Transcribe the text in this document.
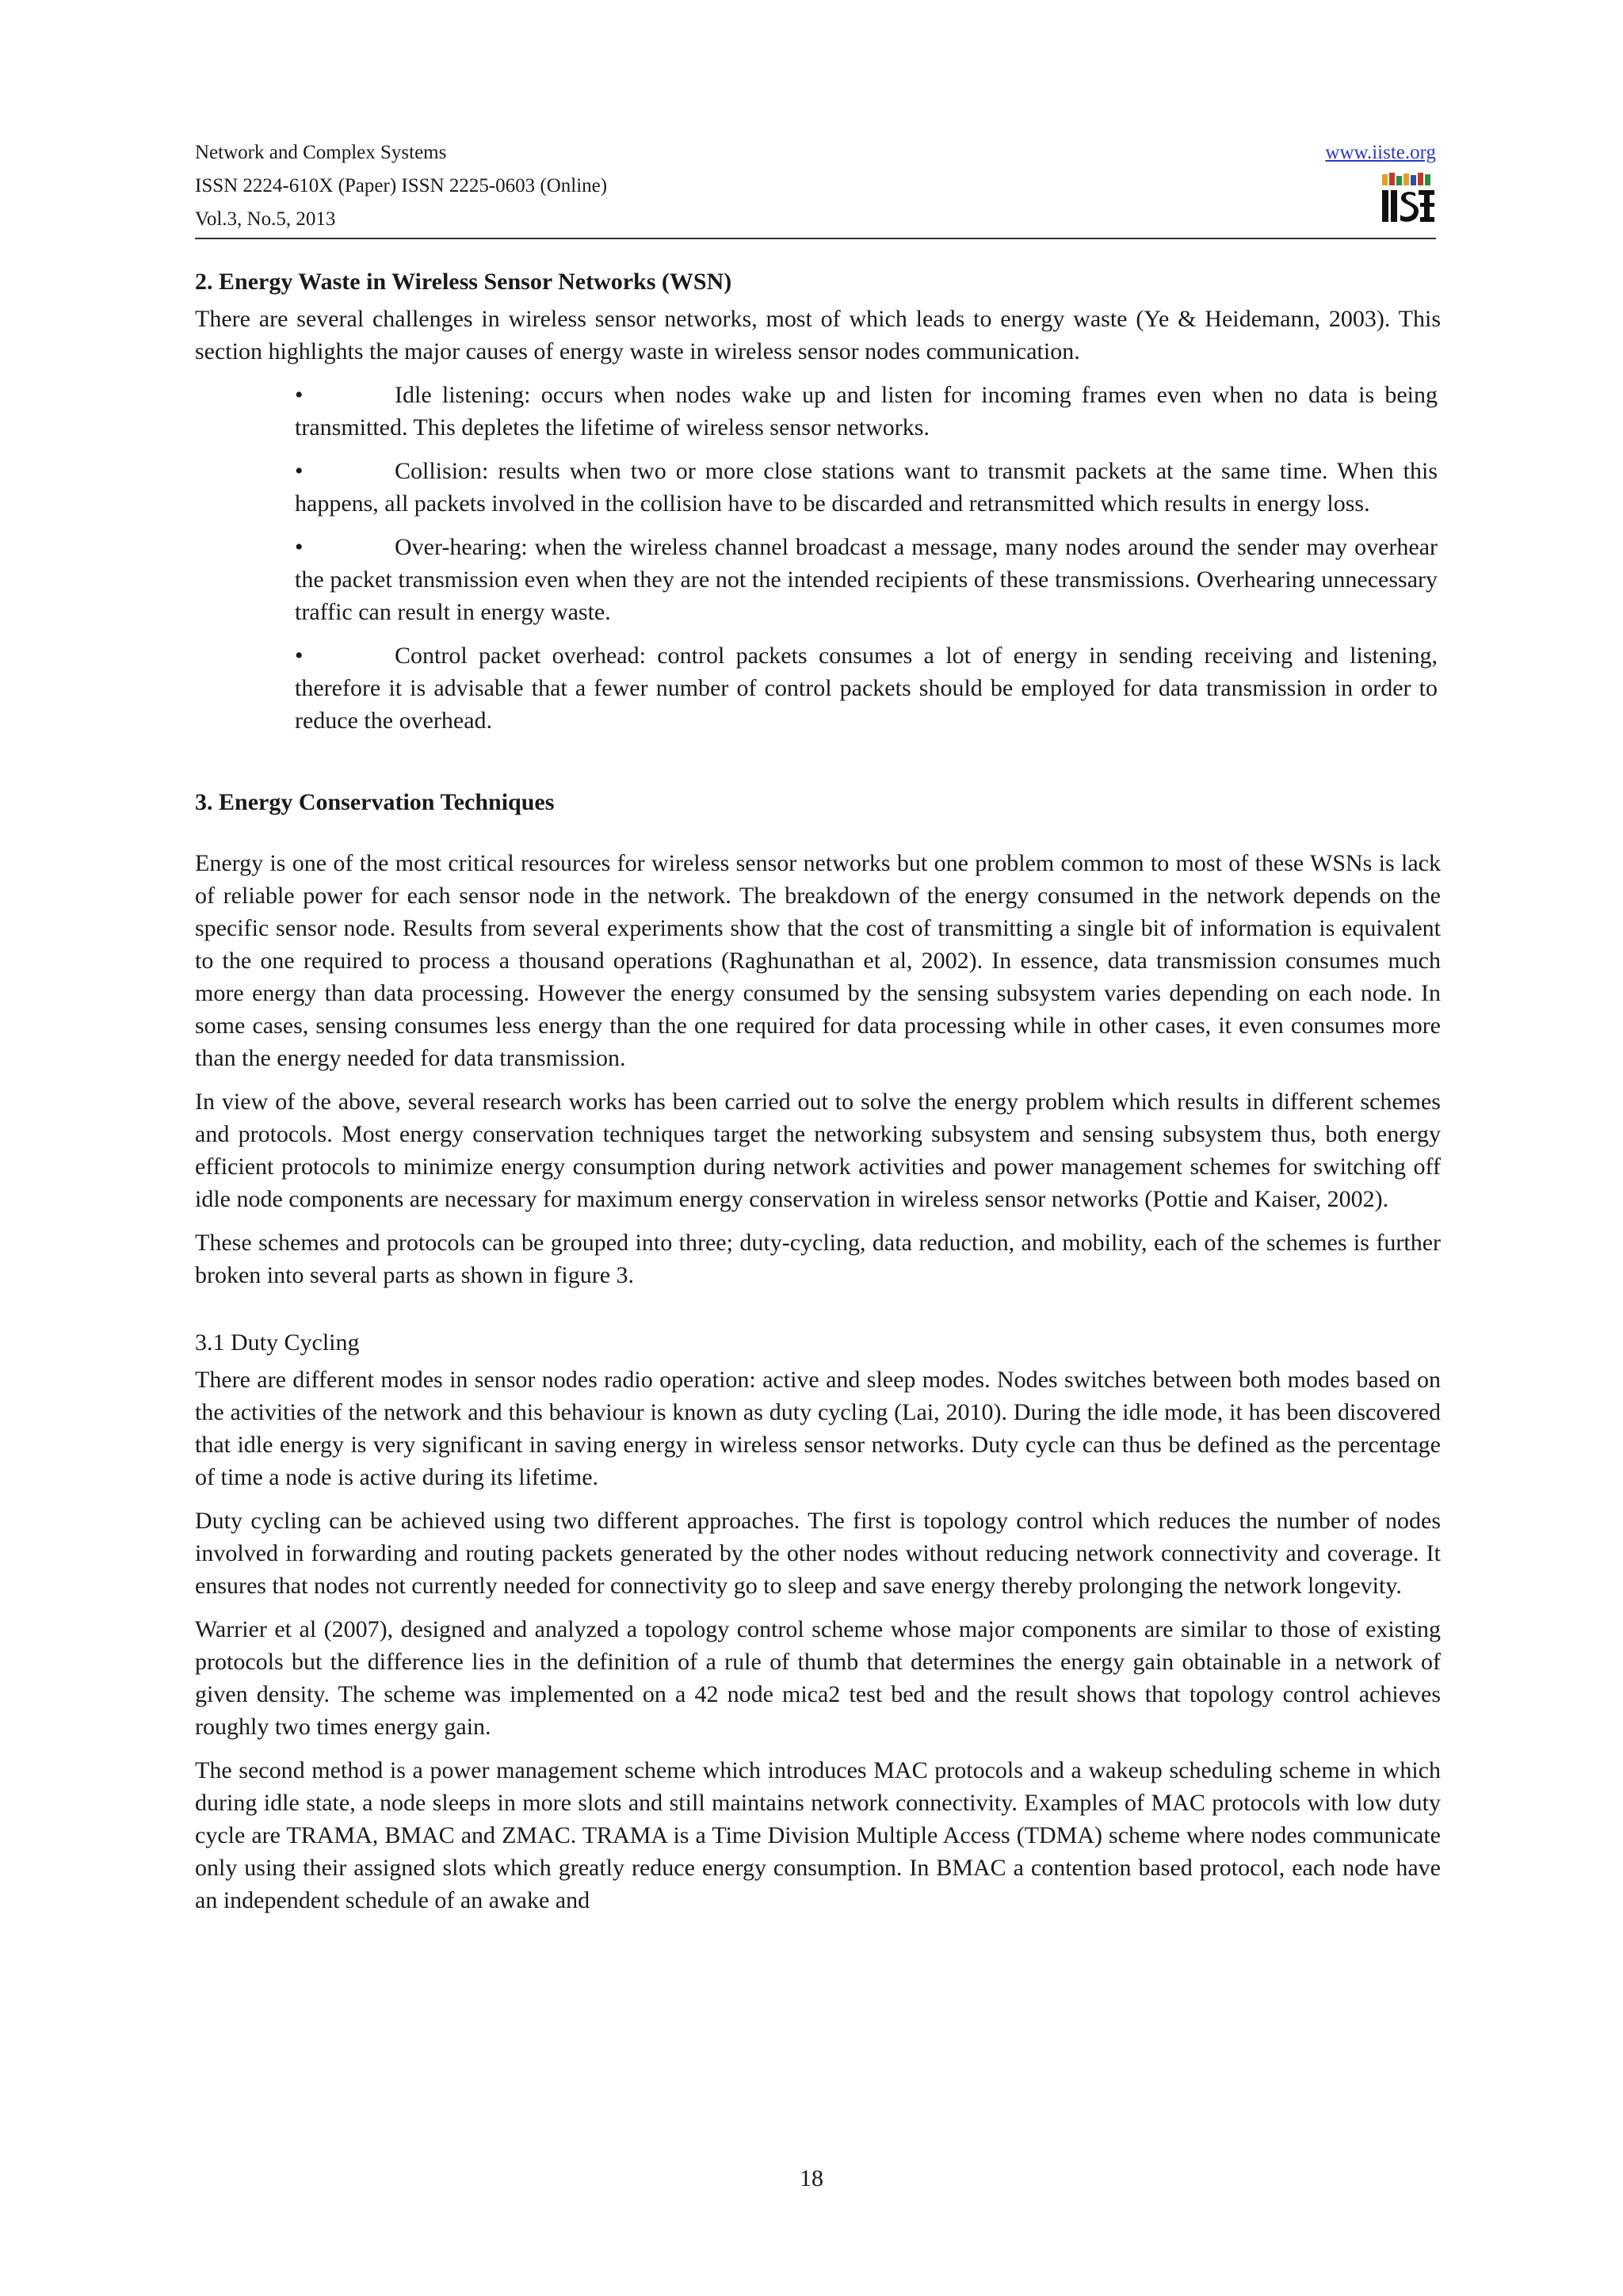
Network and Complex Systems

ISSN 2224-610X (Paper) ISSN 2225-0603 (Online)

Vol.3, No.5, 2013

www.iiste.org

2. Energy Waste in Wireless Sensor Networks (WSN)

There are several challenges in wireless sensor networks, most of which leads to energy waste (Ye & Heidemann, 2003). This section highlights the major causes of energy waste in wireless sensor nodes communication.

•	Idle listening: occurs when nodes wake up and listen for incoming frames even when no data is being transmitted. This depletes the lifetime of wireless sensor networks.
•	Collision: results when two or more close stations want to transmit packets at the same time. When this happens, all packets involved in the collision have to be discarded and retransmitted which results in energy loss.
•	Over-hearing: when the wireless channel broadcast a message, many nodes around the sender may overhear the packet transmission even when they are not the intended recipients of these transmissions. Overhearing unnecessary traffic can result in energy waste.
•	Control packet overhead: control packets consumes a lot of energy in sending receiving and listening, therefore it is advisable that a fewer number of control packets should be employed for data transmission in order to reduce the overhead.

3. Energy Conservation Techniques

Energy is one of the most critical resources for wireless sensor networks but one problem common to most of these WSNs is lack of reliable power for each sensor node in the network. The breakdown of the energy consumed in the network depends on the specific sensor node. Results from several experiments show that the cost of transmitting a single bit of information is equivalent to the one required to process a thousand operations (Raghunathan et al, 2002). In essence, data transmission consumes much more energy than data processing. However the energy consumed by the sensing subsystem varies depending on each node. In some cases, sensing consumes less energy than the one required for data processing while in other cases, it even consumes more than the energy needed for data transmission.

In view of the above, several research works has been carried out to solve the energy problem which results in different schemes and protocols. Most energy conservation techniques target the networking subsystem and sensing subsystem thus, both energy efficient protocols to minimize energy consumption during network activities and power management schemes for switching off idle node components are necessary for maximum energy conservation in wireless sensor networks (Pottie and Kaiser, 2002).

These schemes and protocols can be grouped into three; duty-cycling, data reduction, and mobility, each of the schemes is further broken into several parts as shown in figure 3.

3.1 Duty Cycling

There are different modes in sensor nodes radio operation: active and sleep modes. Nodes switches between both modes based on the activities of the network and this behaviour is known as duty cycling (Lai, 2010). During the idle mode, it has been discovered that idle energy is very significant in saving energy in wireless sensor networks. Duty cycle can thus be defined as the percentage of time a node is active during its lifetime.

Duty cycling can be achieved using two different approaches. The first is topology control which reduces the number of nodes involved in forwarding and routing packets generated by the other nodes without reducing network connectivity and coverage. It ensures that nodes not currently needed for connectivity go to sleep and save energy thereby prolonging the network longevity.

Warrier et al (2007), designed and analyzed a topology control scheme whose major components are similar to those of existing protocols but the difference lies in the definition of a rule of thumb that determines the energy gain obtainable in a network of given density. The scheme was implemented on a 42 node mica2 test bed and the result shows that topology control achieves roughly two times energy gain.

The second method is a power management scheme which introduces MAC protocols and a wakeup scheduling scheme in which during idle state, a node sleeps in more slots and still maintains network connectivity. Examples of MAC protocols with low duty cycle are TRAMA, BMAC and ZMAC. TRAMA is a Time Division Multiple Access (TDMA) scheme where nodes communicate only using their assigned slots which greatly reduce energy consumption. In BMAC a contention based protocol, each node have an independent schedule of an awake and

18
